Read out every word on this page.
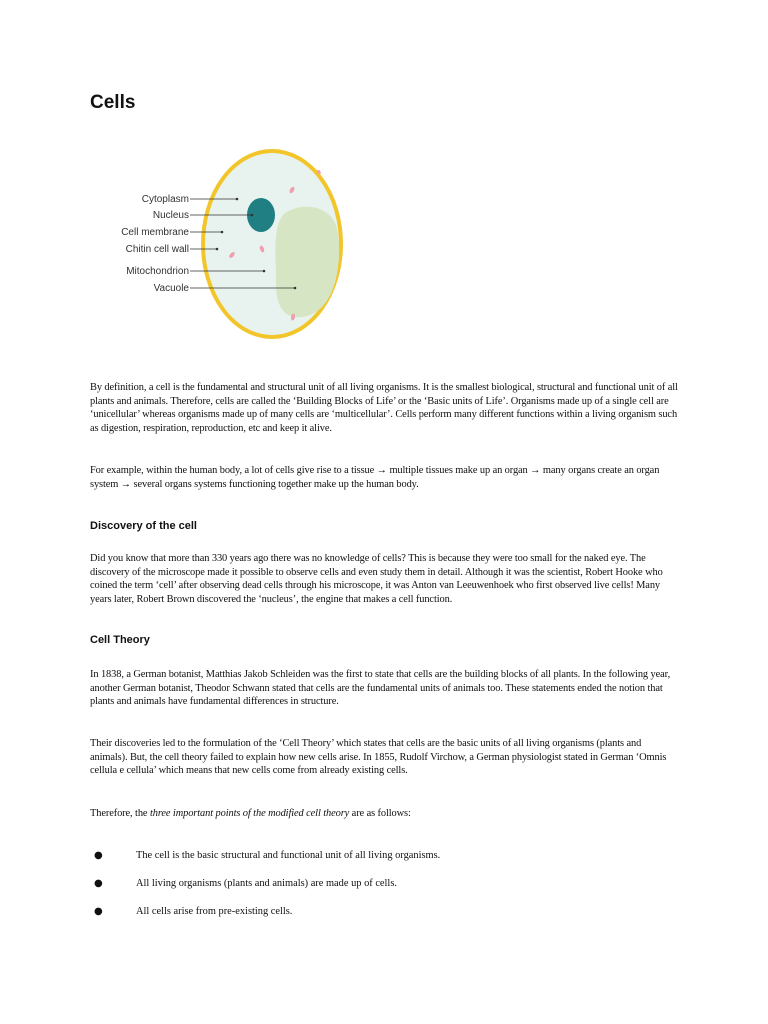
Cells
Cytoplasm
Nucleus
Cell membrane
Chitin cell wall
Mitochondrion
Vacuole

By definition, a cell is the fundamental and structural unit of all living organisms. It is the smallest biological, structural and functional unit of all plants and animals. Therefore, cells are called the ‘Building Blocks of Life’ or the ‘Basic units of Life’. Organisms made up of a single cell are ‘unicellular’ whereas organisms made up of many cells are ‘multicellular’. Cells perform many different functions within a living organism such as digestion, respiration, reproduction, etc and keep it alive.

For example, within the human body, a lot of cells give rise to a tissue → multiple tissues make up an organ → many organs create an organ system → several organs systems functioning together make up the human body.

Discovery of the cell

Did you know that more than 330 years ago there was no knowledge of cells? This is because they were too small for the naked eye. The discovery of the microscope made it possible to observe cells and even study them in detail. Although it was the scientist, Robert Hooke who coined the term ‘cell’ after observing dead cells through his microscope, it was Anton van Leeuwenhoek who first observed live cells! Many years later, Robert Brown discovered the ‘nucleus’, the engine that makes a cell function.

Cell Theory

In 1838, a German botanist, Matthias Jakob Schleiden was the first to state that cells are the building blocks of all plants. In the following year, another German botanist, Theodor Schwann stated that cells are the fundamental units of animals too. These statements ended the notion that plants and animals have fundamental differences in structure.

Their discoveries led to the formulation of the ‘Cell Theory’ which states that cells are the basic units of all living organisms (plants and animals). But, the cell theory failed to explain how new cells arise. In 1855, Rudolf Virchow, a German physiologist stated in German ‘Omnis cellula e cellula’ which means that new cells come from already existing cells.

Therefore, the three important points of the modified cell theory are as follows:

●	The cell is the basic structural and functional unit of all living organisms.
●	All living organisms (plants and animals) are made up of cells.
●	All cells arise from pre-existing cells.
